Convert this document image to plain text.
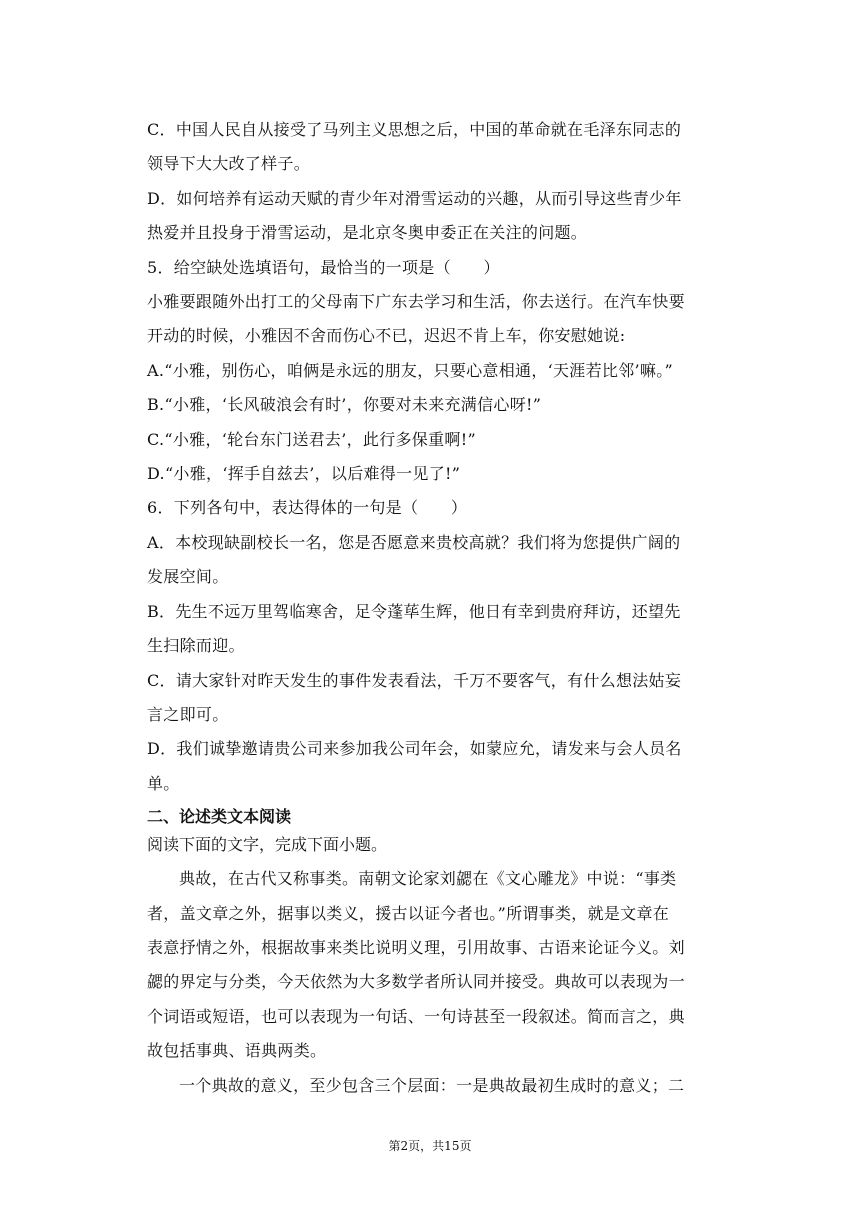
C．中国人民自从接受了马列主义思想之后，中国的革命就在毛泽东同志的
领导下大大改了样子。
D．如何培养有运动天赋的青少年对滑雪运动的兴趣，从而引导这些青少年
热爱并且投身于滑雪运动，是北京冬奥申委正在关注的问题。
5．给空缺处选填语句，最恰当的一项是（　　）
小雅要跟随外出打工的父母南下广东去学习和生活，你去送行。在汽车快要
开动的时候，小雅因不舍而伤心不已，迟迟不肯上车，你安慰她说:
A.“小雅，别伤心，咱俩是永远的朋友，只要心意相通，‘天涯若比邻’嘛。”
B.“小雅，‘长风破浪会有时’，你要对未来充满信心呀!”
C.“小雅，‘轮台东门送君去’，此行多保重啊!”
D.“小雅，‘挥手自兹去’，以后难得一见了!”
6．下列各句中，表达得体的一句是（　　）
A．本校现缺副校长一名，您是否愿意来贵校高就？我们将为您提供广阔的
发展空间。
B．先生不远万里驾临寒舍，足令蓬荜生辉，他日有幸到贵府拜访，还望先
生扫除而迎。
C．请大家针对昨天发生的事件发表看法，千万不要客气，有什么想法姑妄
言之即可。
D．我们诚挚邀请贵公司来参加我公司年会，如蒙应允，请发来与会人员名
单。
二、论述类文本阅读
阅读下面的文字，完成下面小题。
典故，在古代又称事类。南朝文论家刘勰在《文心雕龙》中说：“事类
者，盖文章之外，据事以类义，援古以证今者也。”所谓事类，就是文章在
表意抒情之外，根据故事来类比说明义理，引用故事、古语来论证今义。刘
勰的界定与分类，今天依然为大多数学者所认同并接受。典故可以表现为一
个词语或短语，也可以表现为一句话、一句诗甚至一段叙述。简而言之，典
故包括事典、语典两类。
一个典故的意义，至少包含三个层面：一是典故最初生成时的意义；二
第2页，共15页
